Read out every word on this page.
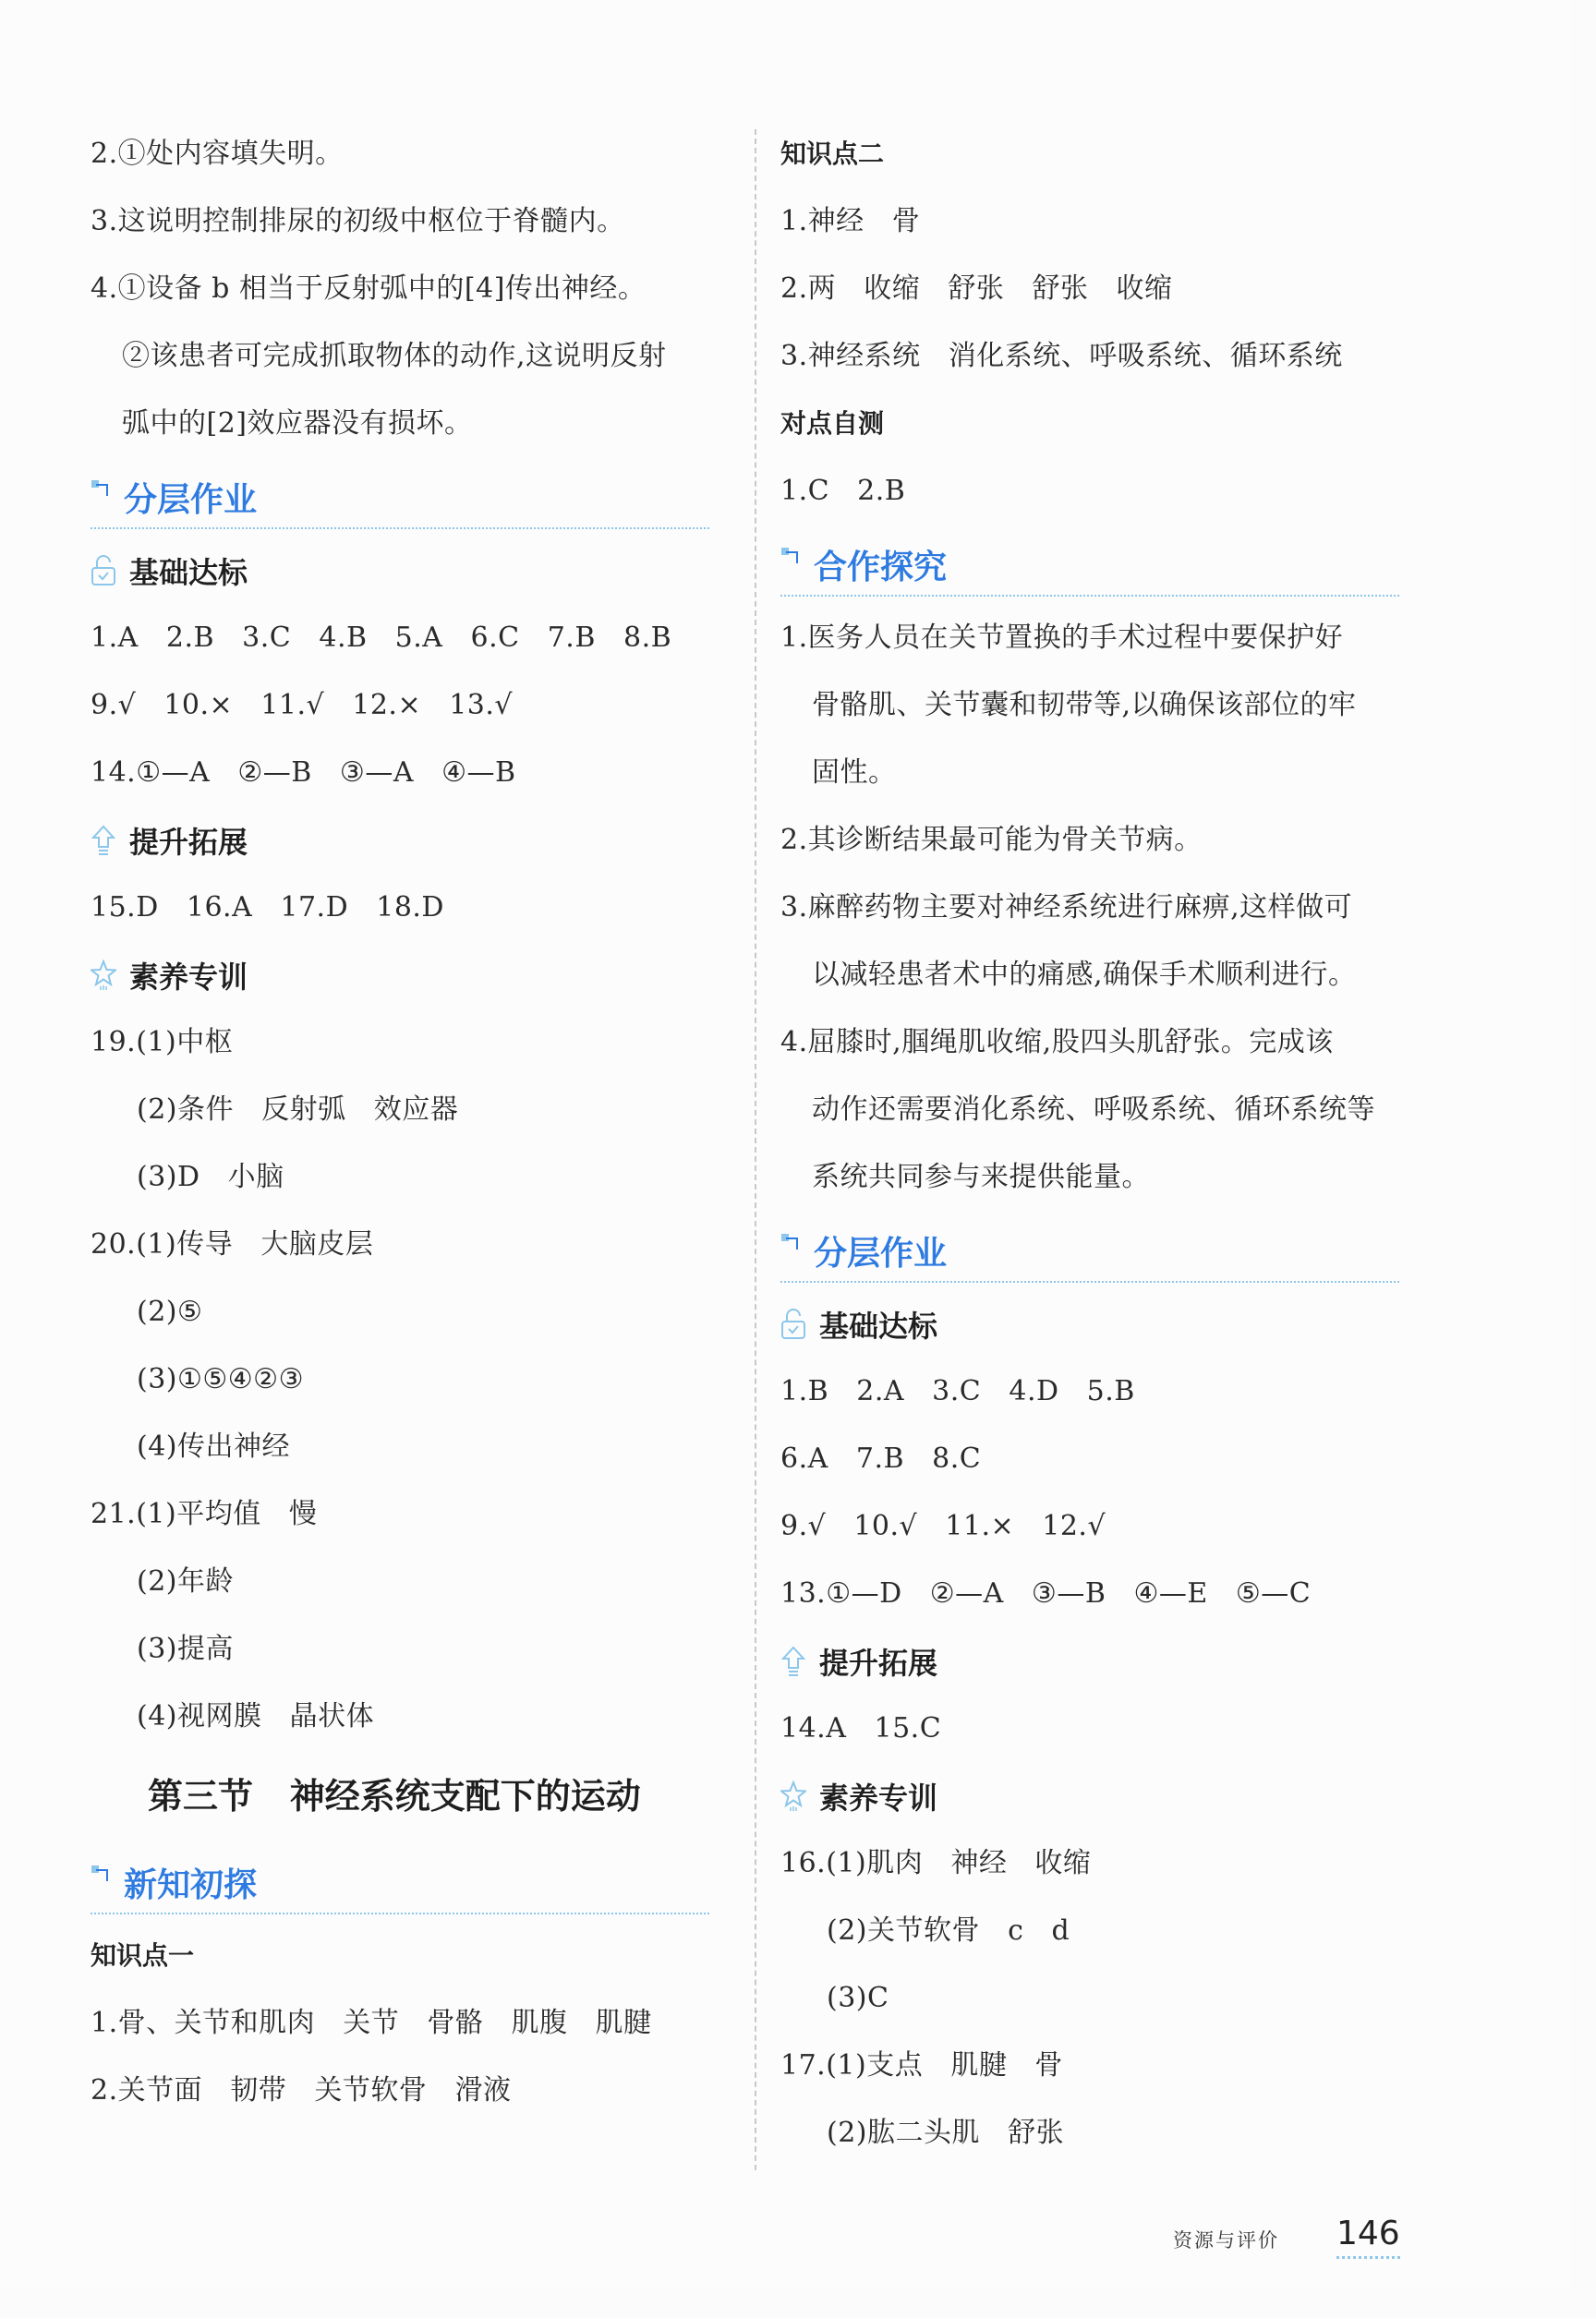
2.①处内容填失明。
3.这说明控制排尿的初级中枢位于脊髓内。
4.①设备 b 相当于反射弧中的[4]传出神经。
②该患者可完成抓取物体的动作,这说明反射
弧中的[2]效应器没有损坏。
分层作业
基础达标
1.A   2.B   3.C   4.B   5.A   6.C   7.B   8.B
9.√   10.×   11.√   12.×   13.√
14.①—A   ②—B   ③—A   ④—B
提升拓展
15.D   16.A   17.D   18.D
素养专训
19.(1)中枢
(2)条件   反射弧   效应器
(3)D   小脑
20.(1)传导   大脑皮层
(2)⑤
(3)①⑤④②③
(4)传出神经
21.(1)平均值   慢
(2)年龄
(3)提高
(4)视网膜   晶状体
第三节   神经系统支配下的运动
新知初探
知识点一
1.骨、关节和肌肉   关节   骨骼   肌腹   肌腱
2.关节面   韧带   关节软骨   滑液
知识点二
1.神经   骨
2.两   收缩   舒张   舒张   收缩
3.神经系统   消化系统、呼吸系统、循环系统
对点自测
1.C   2.B
合作探究
1.医务人员在关节置换的手术过程中要保护好
骨骼肌、关节囊和韧带等,以确保该部位的牢
固性。
2.其诊断结果最可能为骨关节病。
3.麻醉药物主要对神经系统进行麻痹,这样做可
以减轻患者术中的痛感,确保手术顺利进行。
4.屈膝时,腘绳肌收缩,股四头肌舒张。完成该
动作还需要消化系统、呼吸系统、循环系统等
系统共同参与来提供能量。
分层作业
基础达标
1.B   2.A   3.C   4.D   5.B
6.A   7.B   8.C
9.√   10.√   11.×   12.√
13.①—D   ②—A   ③—B   ④—E   ⑤—C
提升拓展
14.A   15.C
素养专训
16.(1)肌肉   神经   收缩
(2)关节软骨   c   d
(3)C
17.(1)支点   肌腱   骨
(2)肱二头肌   舒张
资源与评价 146
